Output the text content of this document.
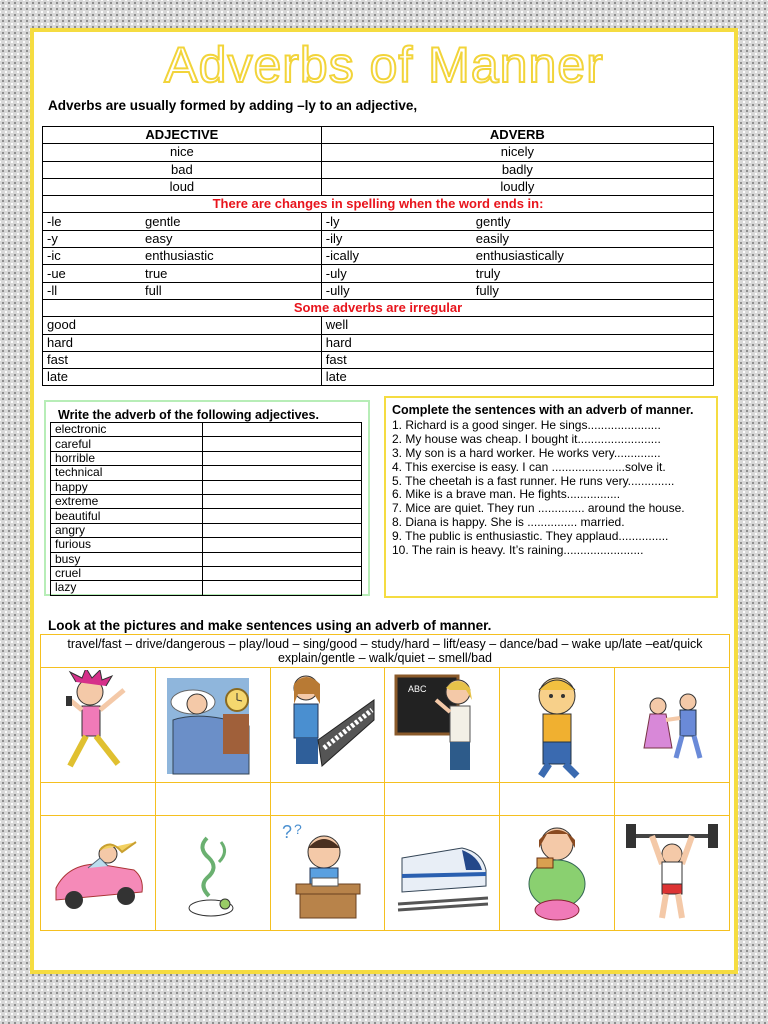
Adverbs of Manner
Adverbs are usually formed by adding –ly to an adjective,
ADJECTIVE	ADVERB
nice	nicely
bad	badly
loud	loudly
There are changes in spelling when the word ends in:	
-le gentle	-ly gently
-y easy	-ily easily
-ic enthusiastic	-ically enthusiastically
-ue true	-uly truly
-ll full	-ully fully
Some adverbs are irregular	
good	well
hard	hard
fast	fast
late	late
Write the adverb of the following adjectives.
electronic	
careful	
horrible	
technical	
happy	
extreme	
beautiful	
angry	
furious	
busy	
cruel	
lazy	
Complete the sentences with an adverb of manner.
1. Richard is a good singer. He sings......................
2. My house was cheap. I bought it.........................
3. My son is a hard worker. He works very..............
4. This exercise is easy. I can ......................solve it.
5. The cheetah is a fast runner. He runs very..............
6. Mike is a brave man. He fights................
7. Mice are quiet. They run .............. around the house.
8. Diana is happy. She is ............... married.
9. The public is enthusiastic. They applaud...............
10. The rain is heavy. It’s raining........................
Look at the pictures and make sentences using an adverb of manner.
travel/fast – drive/dangerous – play/loud – sing/good – study/hard – lift/easy – dance/bad – wake up/late –eat/quick
explain/gentle – walk/quiet – smell/bad					

ABC

? ?
